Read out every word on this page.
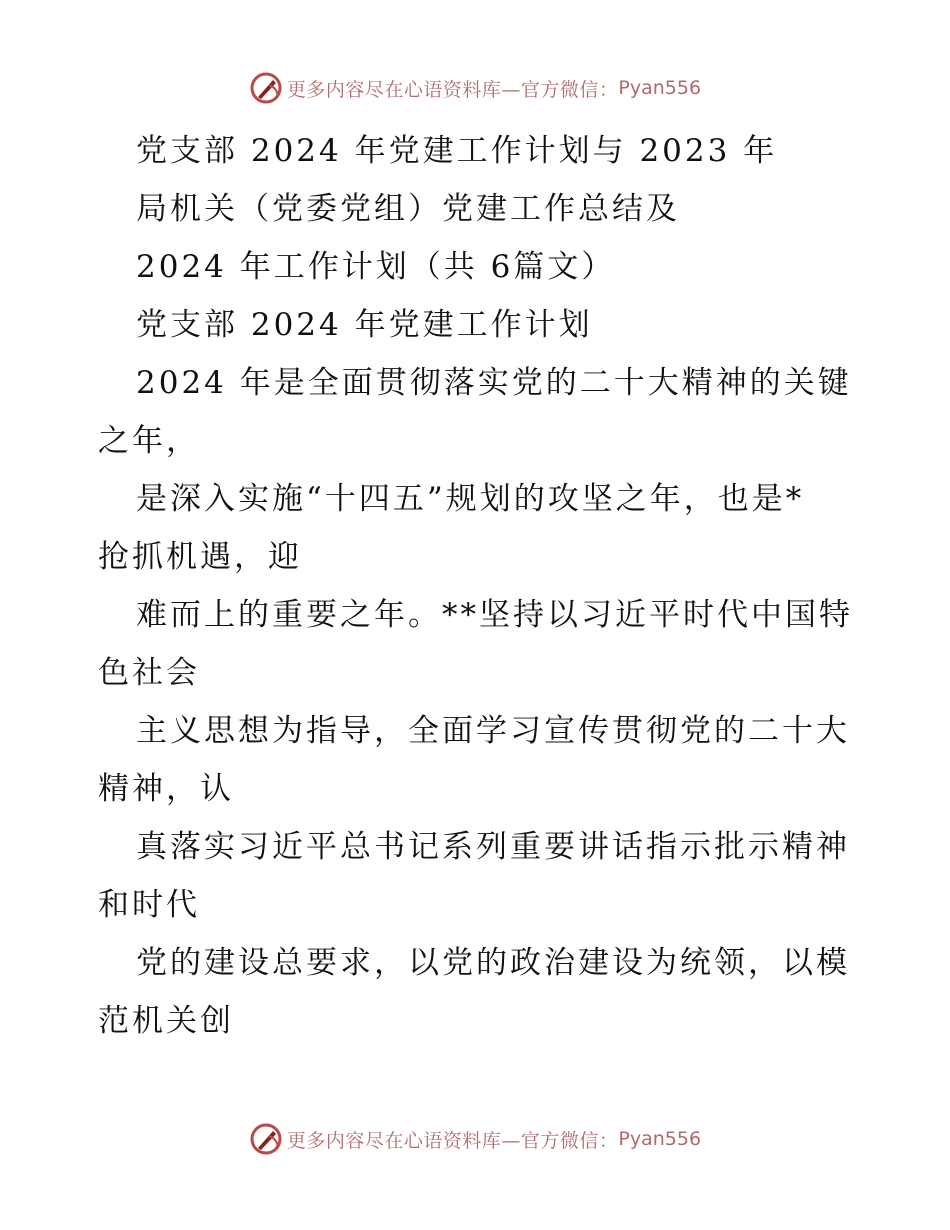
更多内容尽在心语资料库—官方微信： Pyan556
党支部 2024 年党建工作计划与 2023 年
局机关（党委党组）党建工作总结及
2024 年工作计划（共 6篇文）
党支部 2024 年党建工作计划
2024 年是全面贯彻落实党的二十大精神的关键
之年，
是深入实施“十四五”规划的攻坚之年，也是*
抢抓机遇，迎
难而上的重要之年。**坚持以习近平时代中国特
色社会
主义思想为指导，全面学习宣传贯彻党的二十大
精神，认
真落实习近平总书记系列重要讲话指示批示精神
和时代
党的建设总要求，以党的政治建设为统领，以模
范机关创
更多内容尽在心语资料库—官方微信： Pyan556
